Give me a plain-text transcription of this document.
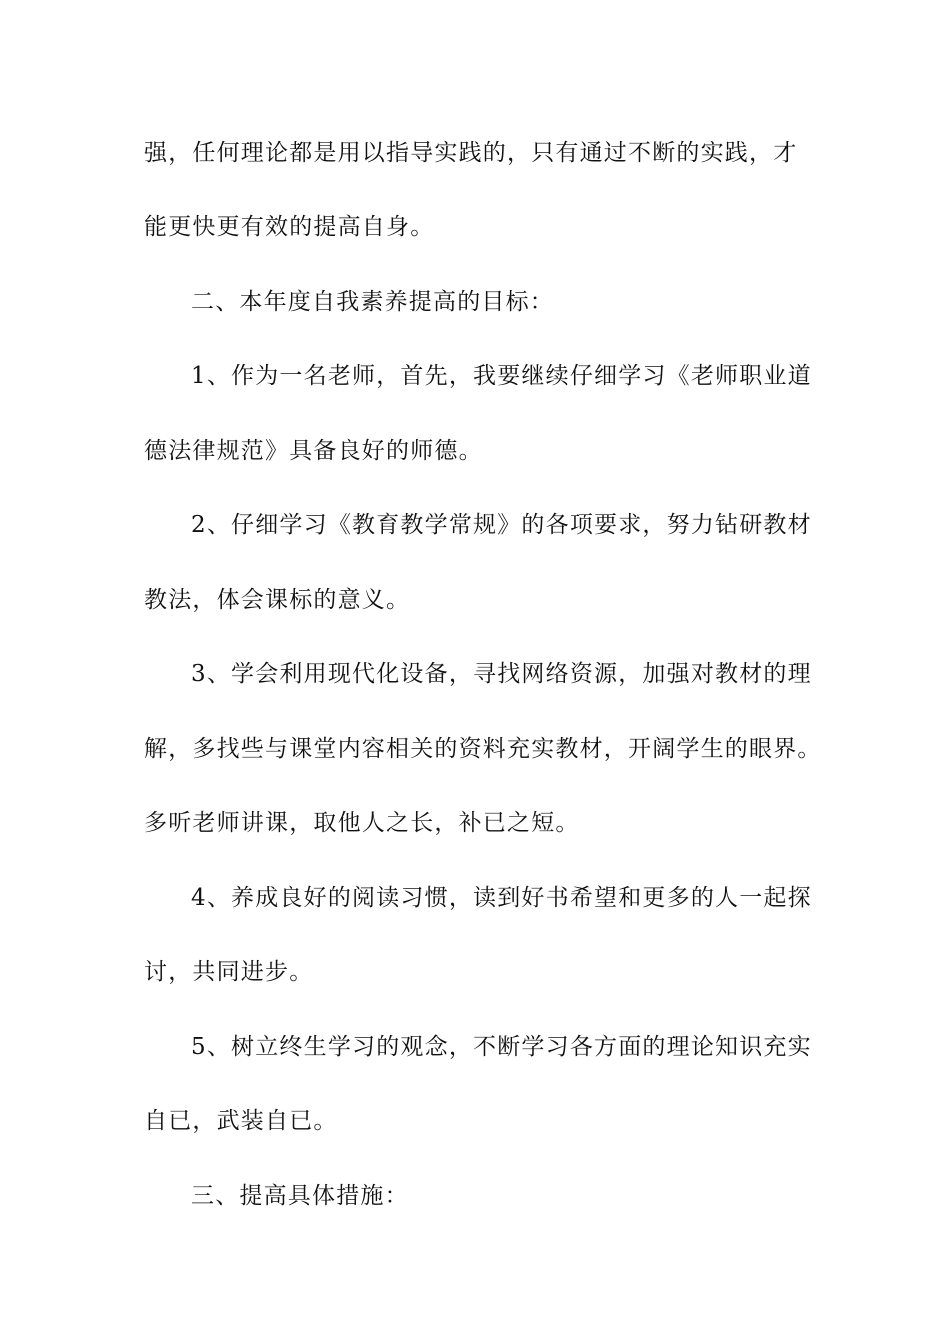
强，任何理论都是用以指导实践的，只有通过不断的实践，才
能更快更有效的提高自身。
二、本年度自我素养提高的目标：
1、作为一名老师，首先，我要继续仔细学习《老师职业道
德法律规范》具备良好的师德。
2、仔细学习《教育教学常规》的各项要求，努力钻研教材
教法，体会课标的意义。
3、学会利用现代化设备，寻找网络资源，加强对教材的理
解，多找些与课堂内容相关的资料充实教材，开阔学生的眼界。
多听老师讲课，取他人之长，补已之短。
4、养成良好的阅读习惯，读到好书希望和更多的人一起探
讨，共同进步。
5、树立终生学习的观念，不断学习各方面的理论知识充实
自已，武装自已。
三、提高具体措施：
